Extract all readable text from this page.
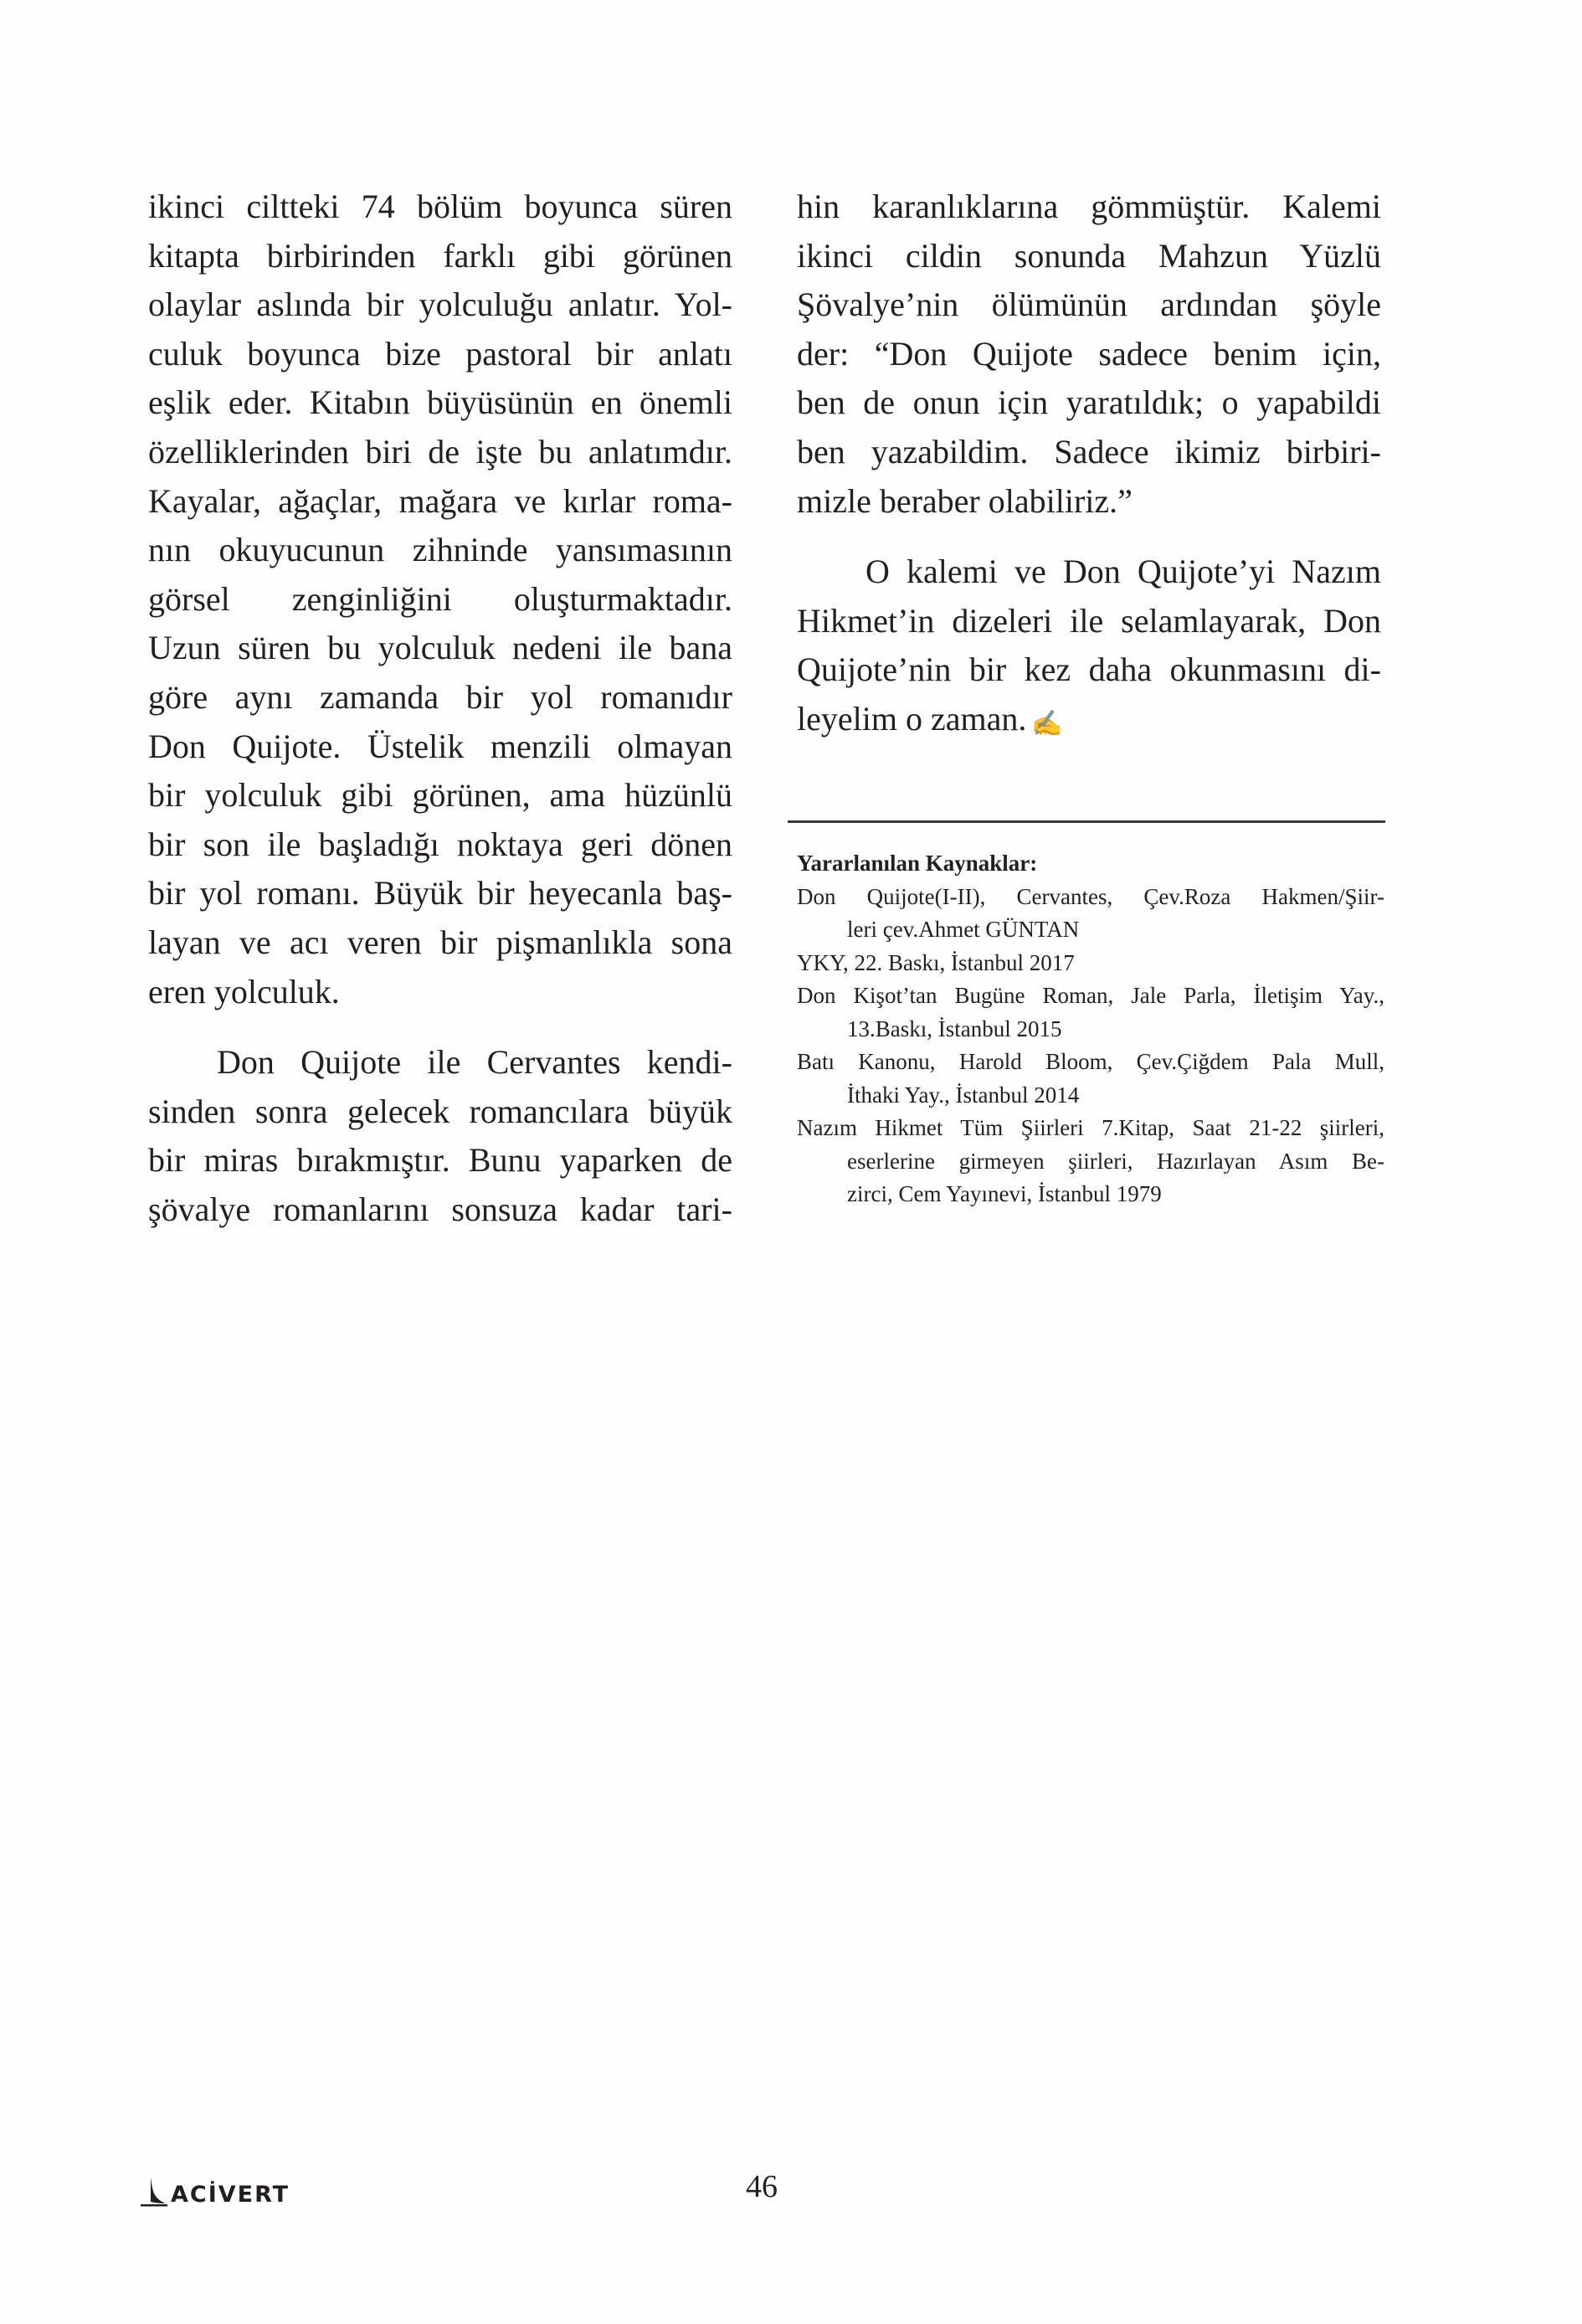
ikinci ciltteki 74 bölüm boyunca süren
kitapta birbirinden farklı gibi görünen
olaylar aslında bir yolculuğu anlatır. Yol-
culuk boyunca bize pastoral bir anlatı
eşlik eder. Kitabın büyüsünün en önemli
özelliklerinden biri de işte bu anlatımdır.
Kayalar, ağaçlar, mağara ve kırlar roma-
nın okuyucunun zihninde yansımasının
görsel zenginliğini oluşturmaktadır.
Uzun süren bu yolculuk nedeni ile bana
göre aynı zamanda bir yol romanıdır
Don Quijote. Üstelik menzili olmayan
bir yolculuk gibi görünen, ama hüzünlü
bir son ile başladığı noktaya geri dönen
bir yol romanı. Büyük bir heyecanla baş-
layan ve acı veren bir pişmanlıkla sona
eren yolculuk.
Don Quijote ile Cervantes kendi-
sinden sonra gelecek romancılara büyük
bir miras bırakmıştır. Bunu yaparken de
şövalye romanlarını sonsuza kadar tari-
hin karanlıklarına gömmüştür. Kalemi
ikinci cildin sonunda Mahzun Yüzlü
Şövalye’nin ölümünün ardından şöyle
der: “Don Quijote sadece benim için,
ben de onun için yaratıldık; o yapabildi
ben yazabildim. Sadece ikimiz birbiri-
mizle beraber olabiliriz.”
O kalemi ve Don Quijote’yi Nazım
Hikmet’in dizeleri ile selamlayarak, Don
Quijote’nin bir kez daha okunmasını di-
leyelim o zaman. ✍
Yararlanılan Kaynaklar:
Don Quijote(I-II), Cervantes, Çev.Roza Hakmen/Şiir-
leri çev.Ahmet GÜNTAN
YKY, 22. Baskı, İstanbul 2017
Don Kişot’tan Bugüne Roman, Jale Parla, İletişim Yay.,
13.Baskı, İstanbul 2015
Batı Kanonu, Harold Bloom, Çev.Çiğdem Pala Mull,
İthaki Yay., İstanbul 2014
Nazım Hikmet Tüm Şiirleri 7.Kitap, Saat 21-22 şiirleri,
eserlerine girmeyen şiirleri, Hazırlayan Asım Be-
zirci, Cem Yayınevi, İstanbul 1979
ACİVERT	46
